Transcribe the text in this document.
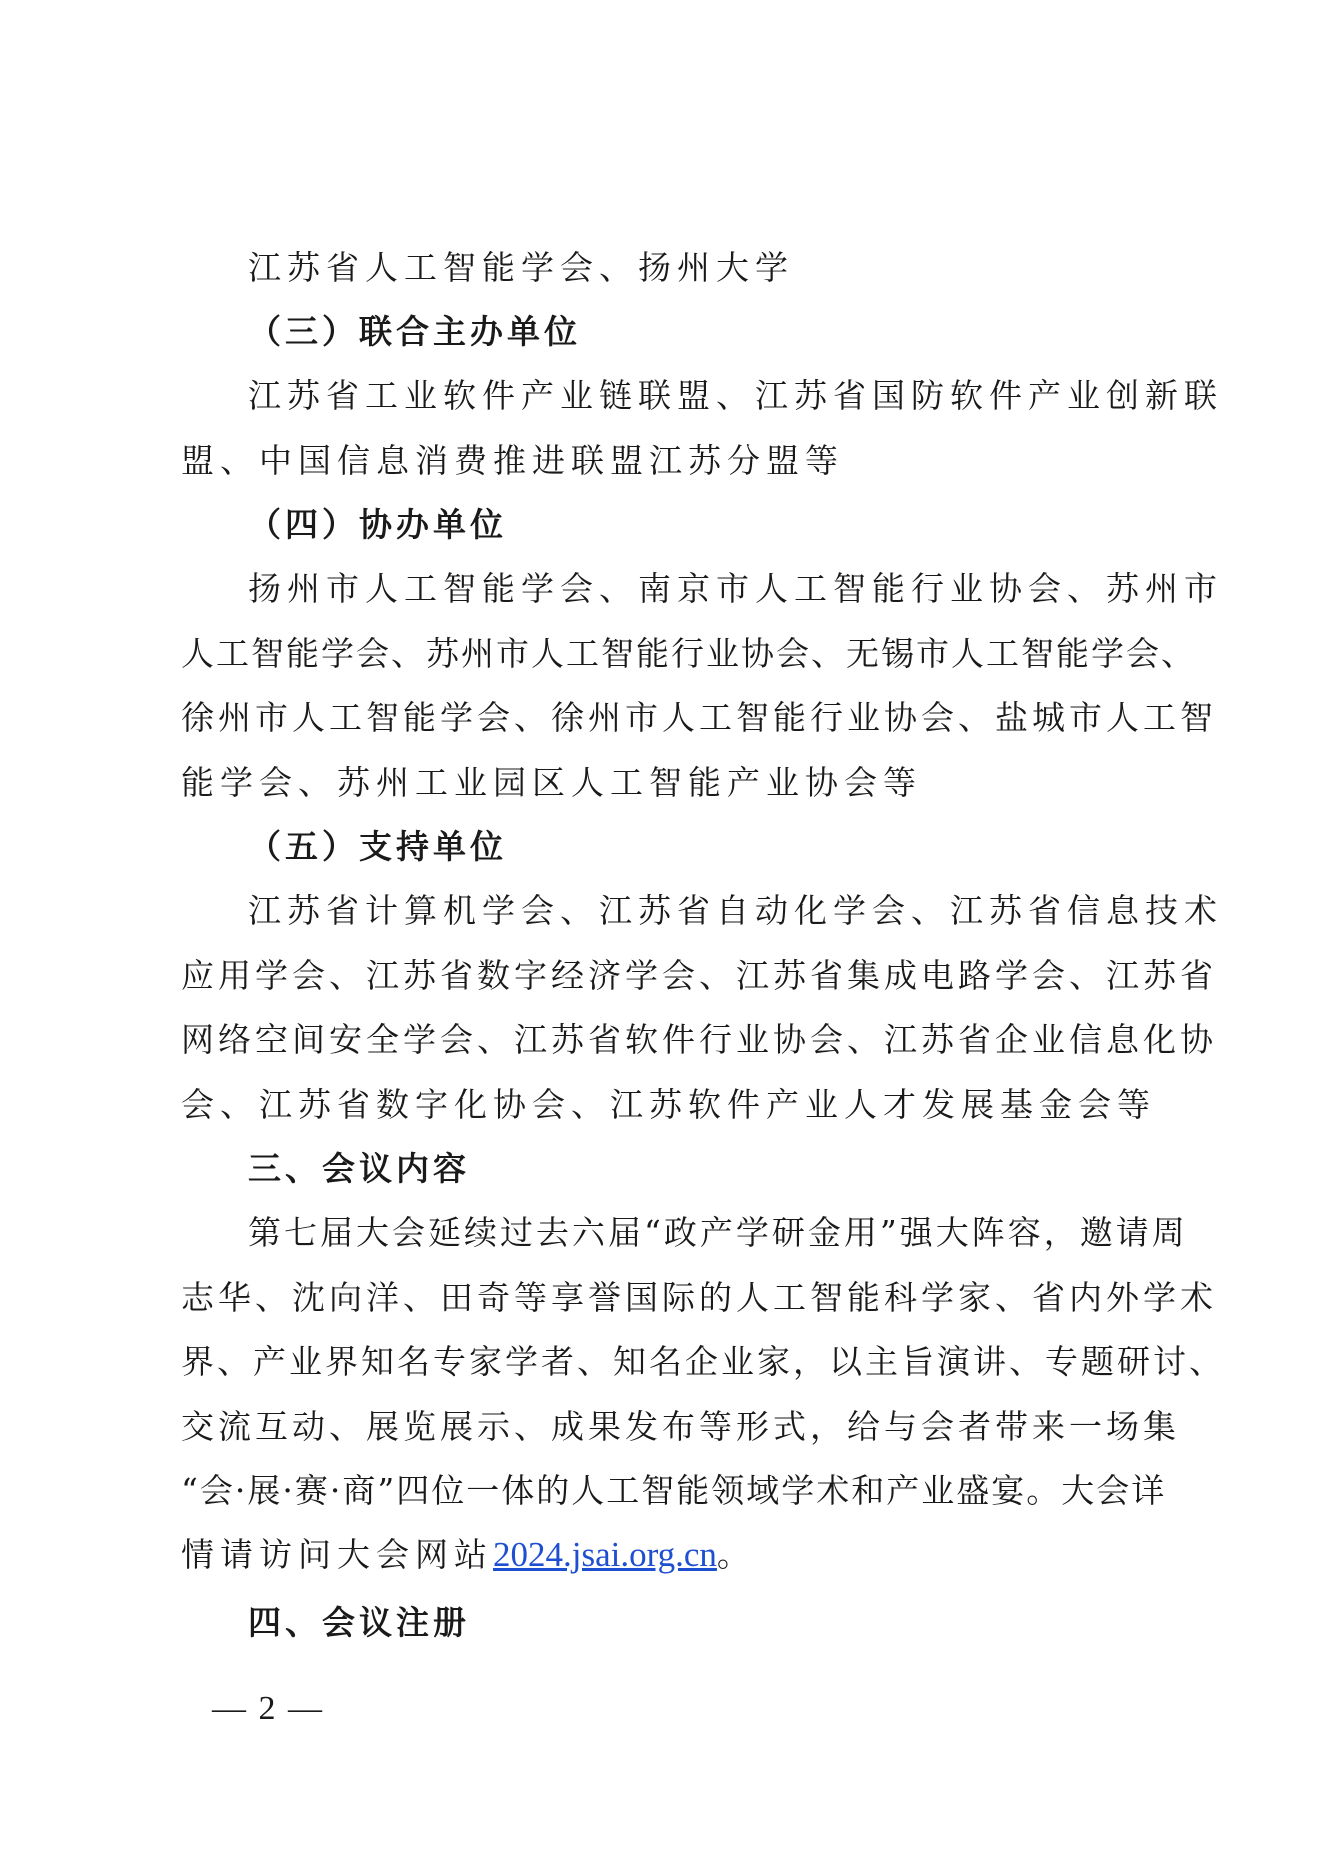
江苏省人工智能学会、扬州大学
（三）联合主办单位
江苏省工业软件产业链联盟、江苏省国防软件产业创新联
盟、中国信息消费推进联盟江苏分盟等
（四）协办单位
扬州市人工智能学会、南京市人工智能行业协会、苏州市
人工智能学会、苏州市人工智能行业协会、无锡市人工智能学会、
徐州市人工智能学会、徐州市人工智能行业协会、盐城市人工智
能学会、苏州工业园区人工智能产业协会等
（五）支持单位
江苏省计算机学会、江苏省自动化学会、江苏省信息技术
应用学会、江苏省数字经济学会、江苏省集成电路学会、江苏省
网络空间安全学会、江苏省软件行业协会、江苏省企业信息化协
会、江苏省数字化协会、江苏软件产业人才发展基金会等
三、会议内容
第七届大会延续过去六届“政产学研金用”强大阵容，邀请周
志华、沈向洋、田奇等享誉国际的人工智能科学家、省内外学术
界、产业界知名专家学者、知名企业家，以主旨演讲、专题研讨、
交流互动、展览展示、成果发布等形式，给与会者带来一场集
“会·展·赛·商”四位一体的人工智能领域学术和产业盛宴。大会详
情请访问大会网站2024.jsai.org.cn。
四、会议注册
— 2 —
